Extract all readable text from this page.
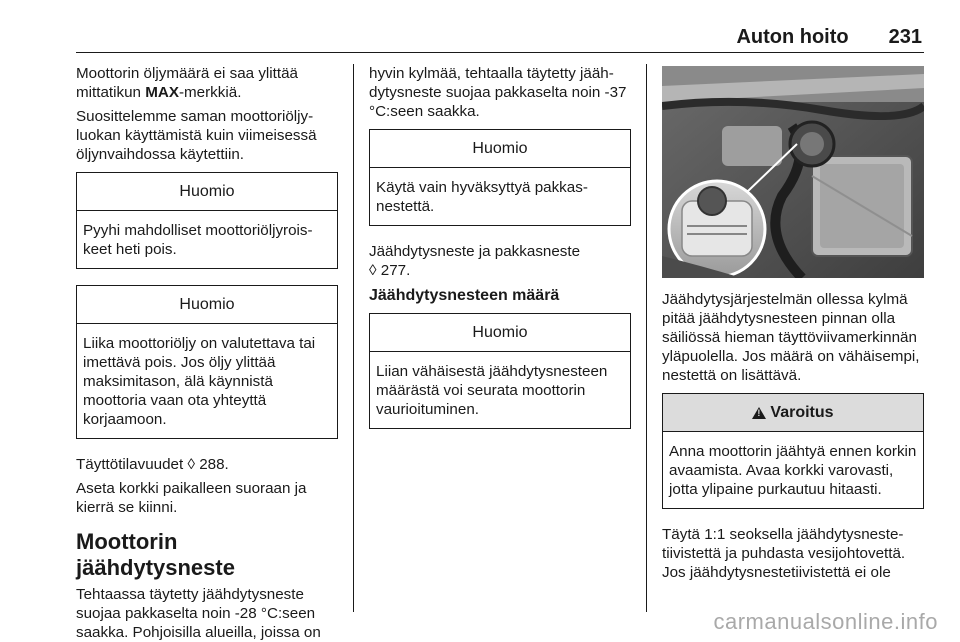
Auton hoito 231

Moottorin öljymäärä ei saa ylittää mittatikun MAX-merkkiä.

Suosittelemme saman moottoriöljyluokan käyttämistä kuin viimeisessä öljynvaihdossa käytettiin.

Huomio
Pyyhi mahdolliset moottoriöljyroiskeet heti pois.
Huomio
Liika moottoriöljy on valutettava tai imettävä pois. Jos öljy ylittää maksimitason, älä käynnistä moottoria vaan ota yhteyttä korjaamoon.

Täyttötilavuudet ◊ 288.

Aseta korkki paikalleen suoraan ja kierrä se kiinni.

Moottorin jäähdytysneste

Tehtaassa täytetty jäähdytysneste suojaa pakkaselta noin -28 °C:seen saakka. Pohjoisilla alueilla, joissa on

hyvin kylmää, tehtaalla täytetty jäähdytysneste suojaa pakkaselta noin -37 °C:seen saakka.

Huomio
Käytä vain hyväksyttyä pakkasnestettä.

Jäähdytysneste ja pakkasneste
◊ 277.

Jäähdytysnesteen määrä
Huomio
Liian vähäisestä jäähdytysnesteen määrästä voi seurata moottorin vaurioituminen.

Jäähdytysjärjestelmän ollessa kylmä pitää jäähdytysnesteen pinnan olla säiliössä hieman täyttöviivamerkinnän yläpuolella. Jos määrä on vähäisempi, nestettä on lisättävä.

!
Varoitus
Anna moottorin jäähtyä ennen korkin avaamista. Avaa korkki varovasti, jotta ylipaine purkautuu hitaasti.

Täytä 1:1 seoksella jäähdytysnestetiivistettä ja puhdasta vesijohtovettä. Jos jäähdytysnestetiivistettä ei ole

carmanualsonline.info
